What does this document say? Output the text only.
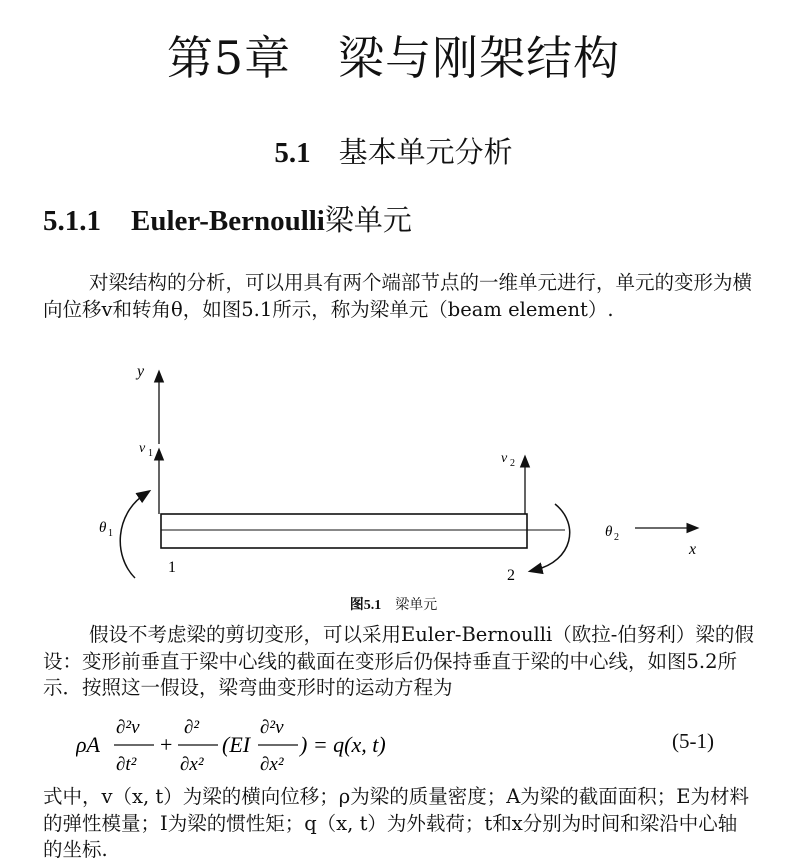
第5章　梁与刚架结构
5.1 基本单元分析
5.1.1 Euler-Bernoulli梁单元
对梁结构的分析，可以用具有两个端部节点的一维单元进行，单元的变形为横向位移v和转角θ，如图5.1所示，称为梁单元（beam element）.
y
v 1	v 2
θ 1	θ 2
x
1	2
图5.1 梁单元
假设不考虑梁的剪切变形，可以采用Euler-Bernoulli（欧拉-伯努利）梁的假设：变形前垂直于梁中心线的截面在变形后仍保持垂直于梁的中心线，如图5.2所示．按照这一假设，梁弯曲变形时的运动方程为
ρA
∂²v
∂t²
+
∂²
∂x²
(EI
∂²v
∂x²
) = q(x, t)	(5-1)
式中，v（x, t）为梁的横向位移；ρ为梁的质量密度；A为梁的截面面积；E为材料的弹性模量；I为梁的惯性矩；q（x, t）为外载荷；t和x分别为时间和梁沿中心轴的坐标.
